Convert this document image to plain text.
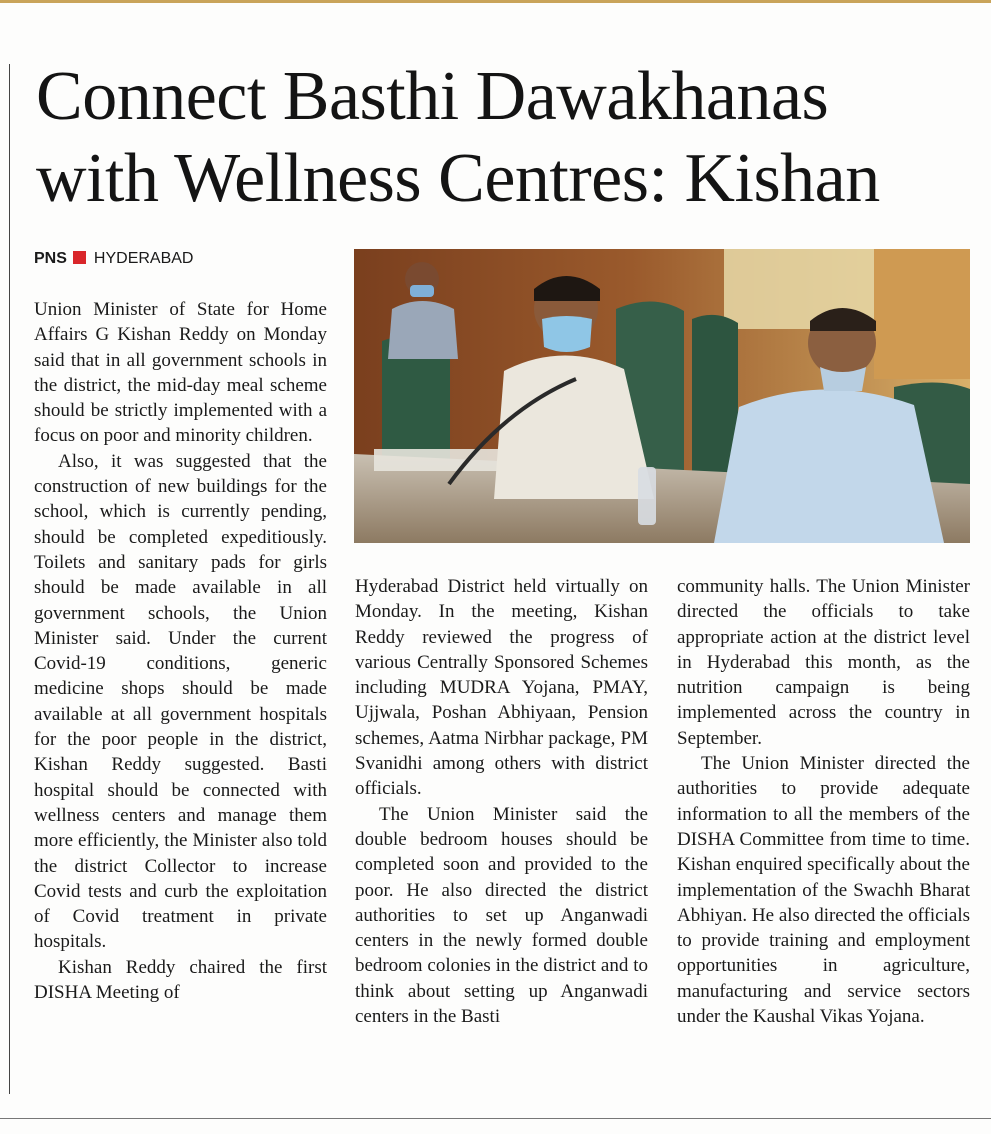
Connect Basthi Dawakhanas
with Wellness Centres: Kishan
PNS HYDERABAD

Union Minister of State for Home Affairs G Kishan Reddy on Monday said that in all government schools in the district, the mid-day meal scheme should be strictly implemented with a focus on poor and minority children.

Also, it was suggested that the construction of new buildings for the school, which is currently pending, should be completed expeditiously. Toilets and sanitary pads for girls should be made available in all government schools, the Union Minister said. Under the current Covid-19 conditions, generic medicine shops should be made available at all government hospitals for the poor people in the district, Kishan Reddy suggested. Basti hospital should be connected with wellness centers and manage them more efficiently, the Minister also told the district Collector to increase Covid tests and curb the exploitation of Covid treatment in private hospitals.

Kishan Reddy chaired the first DISHA Meeting of

Hyderabad District held virtually on Monday. In the meeting, Kishan Reddy reviewed the progress of various Centrally Sponsored Schemes including MUDRA Yojana, PMAY, Ujjwala, Poshan Abhiyaan, Pension schemes, Aatma Nirbhar package, PM Svanidhi among others with district officials.

The Union Minister said the double bedroom houses should be completed soon and provided to the poor. He also directed the district authorities to set up Anganwadi centers in the newly formed double bedroom colonies in the district and to think about setting up Anganwadi centers in the Basti

community halls. The Union Minister directed the officials to take appropriate action at the district level in Hyderabad this month, as the nutrition campaign is being implemented across the country in September.

The Union Minister directed the authorities to provide adequate information to all the members of the DISHA Committee from time to time. Kishan enquired specifically about the implementation of the Swachh Bharat Abhiyan. He also directed the officials to provide training and employment opportunities in agriculture, manufacturing and service sectors under the Kaushal Vikas Yojana.
